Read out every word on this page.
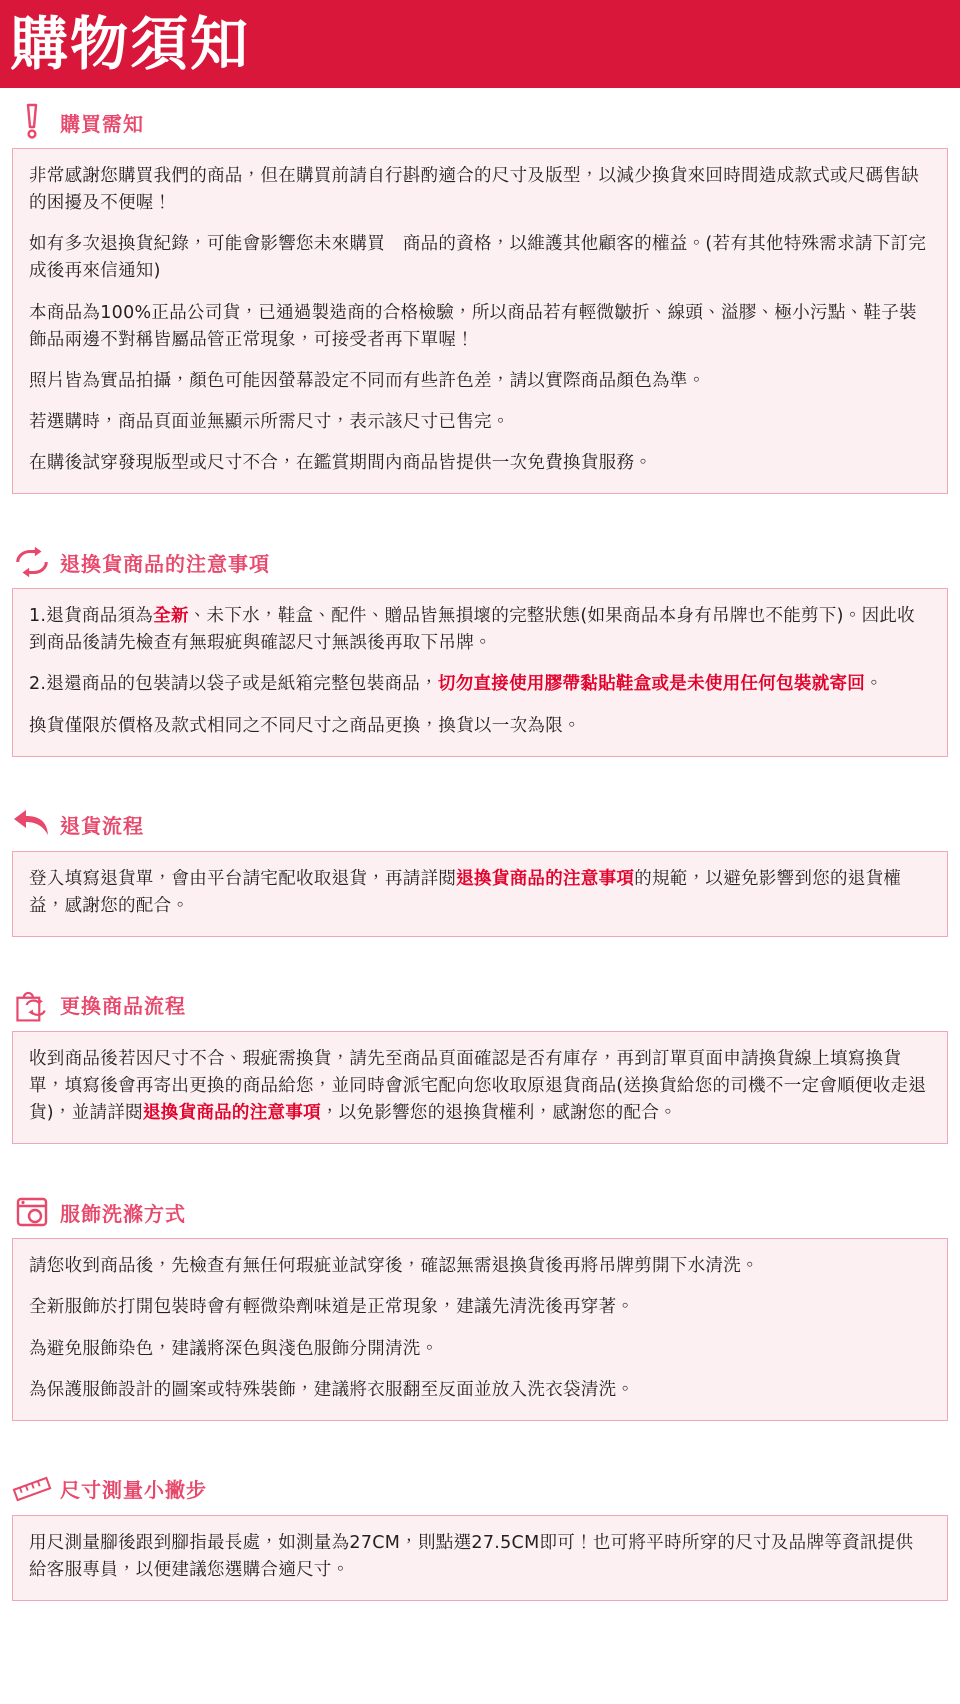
購物須知
購買需知

非常感謝您購買我們的商品，但在購買前請自行斟酌適合的尺寸及版型，以減少換貨來回時間造成款式或尺碼售缺的困擾及不便喔！

如有多次退換貨紀錄，可能會影響您未來購買　商品的資格，以維護其他顧客的權益。(若有其他特殊需求請下訂完成後再來信通知)

本商品為100%正品公司貨，已通過製造商的合格檢驗，所以商品若有輕微皺折、線頭、溢膠、極小污點、鞋子裝飾品兩邊不對稱皆屬品管正常現象，可接受者再下單喔！

照片皆為實品拍攝，顏色可能因螢幕設定不同而有些許色差，請以實際商品顏色為準。

若選購時，商品頁面並無顯示所需尺寸，表示該尺寸已售完。

在購後試穿發現版型或尺寸不合，在鑑賞期間內商品皆提供一次免費換貨服務。

退換貨商品的注意事項

1.退貨商品須為全新、未下水，鞋盒、配件、贈品皆無損壞的完整狀態(如果商品本身有吊牌也不能剪下)。因此收到商品後請先檢查有無瑕疵與確認尺寸無誤後再取下吊牌。

2.退還商品的包裝請以袋子或是紙箱完整包裝商品，切勿直接使用膠帶黏貼鞋盒或是未使用任何包裝就寄回。

換貨僅限於價格及款式相同之不同尺寸之商品更換，換貨以一次為限。

退貨流程

登入填寫退貨單，會由平台請宅配收取退貨，再請詳閱退換貨商品的注意事項的規範，以避免影響到您的退貨權益，感謝您的配合。

更換商品流程

收到商品後若因尺寸不合、瑕疵需換貨，請先至商品頁面確認是否有庫存，再到訂單頁面申請換貨線上填寫換貨單，填寫後會再寄出更換的商品給您，並同時會派宅配向您收取原退貨商品(送換貨給您的司機不一定會順便收走退貨)，並請詳閱退換貨商品的注意事項，以免影響您的退換貨權利，感謝您的配合。

服飾洗滌方式

請您收到商品後，先檢查有無任何瑕疵並試穿後，確認無需退換貨後再將吊牌剪開下水清洗。

全新服飾於打開包裝時會有輕微染劑味道是正常現象，建議先清洗後再穿著。

為避免服飾染色，建議將深色與淺色服飾分開清洗。

為保護服飾設計的圖案或特殊裝飾，建議將衣服翻至反面並放入洗衣袋清洗。

尺寸測量小撇步

用尺測量腳後跟到腳指最長處，如測量為27CM，則點選27.5CM即可！也可將平時所穿的尺寸及品牌等資訊提供給客服專員，以便建議您選購合適尺寸。
